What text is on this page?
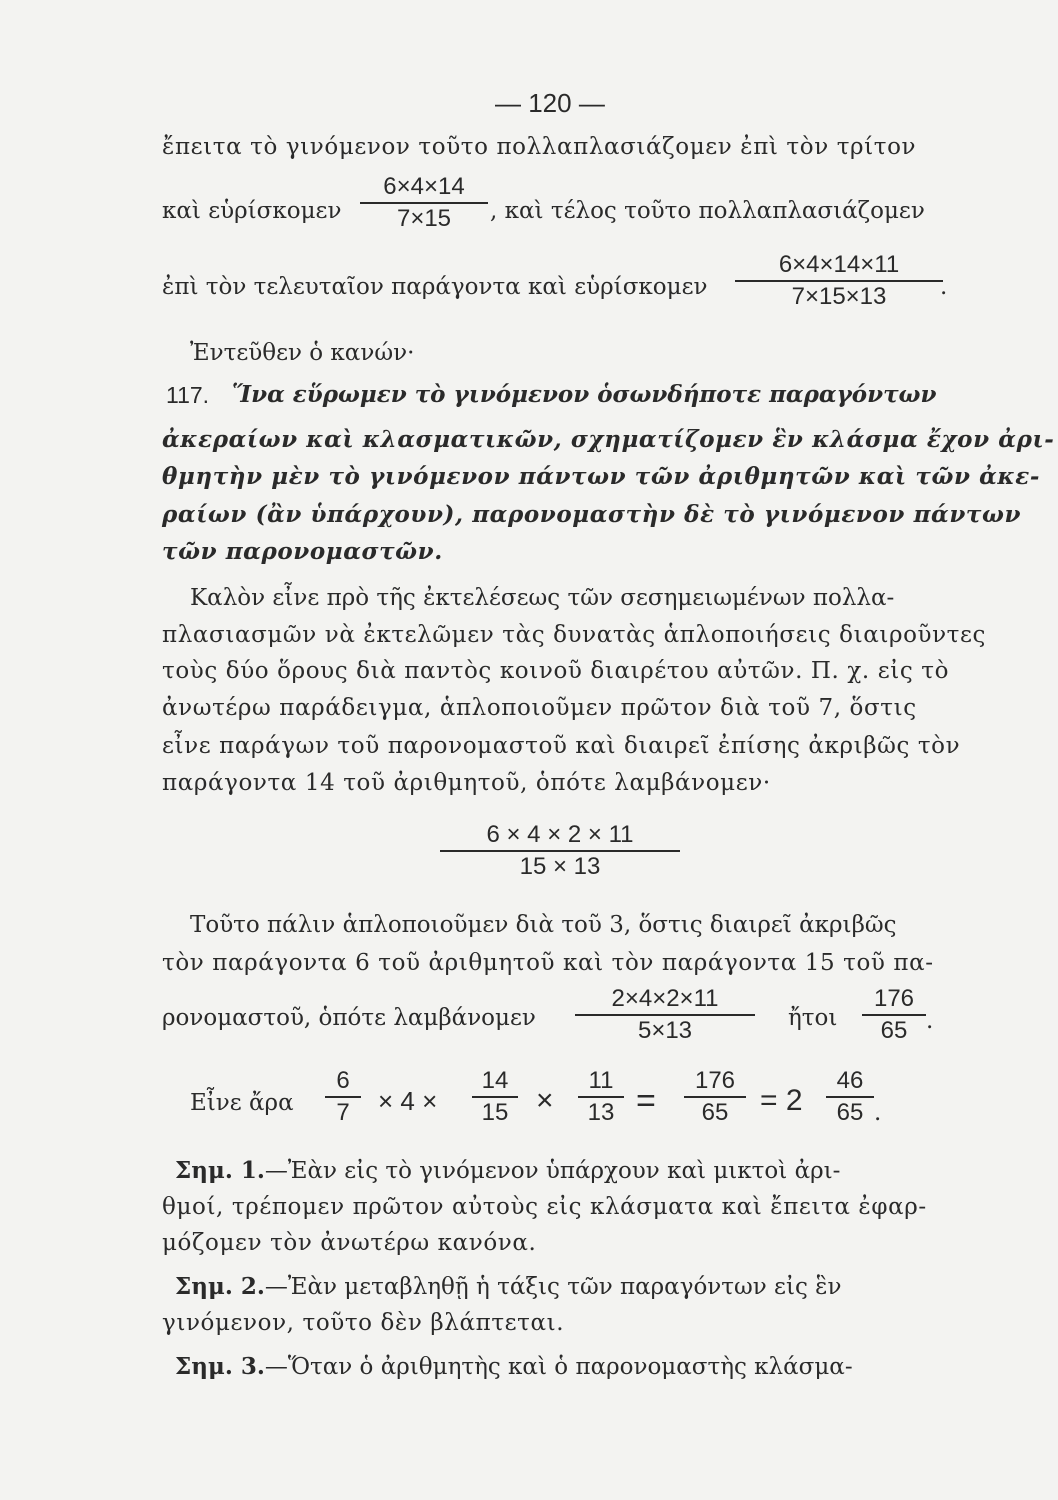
— 120 —
ἔπειτα τὸ γινόμενον τοῦτο πολλαπλασιάζομεν ἐπὶ τὸν τρίτον
καὶ εὑρίσκομεν $\frac{6\times 4\times 14}{7\times 15}$ , καὶ τέλος τοῦτο πολλαπλασιάζομεν
ἐπὶ τὸν τελευταῖον παράγοντα καὶ εὑρίσκομεν $\frac{6\times 4\times 14\times 11}{7\times 15\times 13}$
.
Ἐντεῦθεν ὁ κανών·
117. Ἵνα εὕρωμεν τὸ γινόμενον ὁσωνδήποτε παραγόντων
ἀκεραίων καὶ κλασματικῶν, σχηματίζομεν ἓν κλάσμα ἔχον ἀρι-
θμητὴν μὲν τὸ γινόμενον πάντων τῶν ἀριθμητῶν καὶ τῶν ἀκε-
ραίων (ἂν ὑπάρχουν), παρονομαστὴν δὲ τὸ γινόμενον πάντων
τῶν παρονομαστῶν.
Καλὸν εἶνε πρὸ τῆς ἐκτελέσεως τῶν σεσημειωμένων πολλα-
πλασιασμῶν νὰ ἐκτελῶμεν τὰς δυνατὰς ἁπλοποιήσεις διαιροῦντες
τοὺς δύο ὅρους διὰ παντὸς κοινοῦ διαιρέτου αὐτῶν. Π. χ. εἰς τὸ
ἀνωτέρω παράδειγμα, ἁπλοποιοῦμεν πρῶτον διὰ τοῦ 7, ὅστις
εἶνε παράγων τοῦ παρονομαστοῦ καὶ διαιρεῖ ἐπίσης ἀκριβῶς τὸν
παράγοντα 14 τοῦ ἀριθμητοῦ, ὁπότε λαμβάνομεν·
$\frac{6 \times 4 \times 2 \times 11}{15 \times 13}$
Τοῦτο πάλιν ἁπλοποιοῦμεν διὰ τοῦ 3, ὅστις διαιρεῖ ἀκριβῶς
τὸν παράγοντα 6 τοῦ ἀριθμητοῦ καὶ τὸν παράγοντα 15 τοῦ πα-
ρονομαστοῦ, ὁπότε λαμβάνομεν $\frac{2\times 4\times 2\times 11}{5\times 13}$ ἤτοι $\frac{176}{65}$ .
Εἶνε ἄρα $\frac{6}{7} \times 4 \times \frac{14}{15} \times \frac{11}{13} = \frac{176}{65} = 2 \frac{46}{65}$ .
Σημ. 1.—Ἐὰν εἰς τὸ γινόμενον ὑπάρχουν καὶ μικτοὶ ἀρι-
θμοί, τρέπομεν πρῶτον αὐτοὺς εἰς κλάσματα καὶ ἔπειτα ἐφαρ-
μόζομεν τὸν ἀνωτέρω κανόνα.
Σημ. 2.—Ἐὰν μεταβληθῇ ἡ τάξις τῶν παραγόντων εἰς ἓν
γινόμενον, τοῦτο δὲν βλάπτεται.
Σημ. 3.—Ὅταν ὁ ἀριθμητὴς καὶ ὁ παρονομαστὴς κλάσμα-
